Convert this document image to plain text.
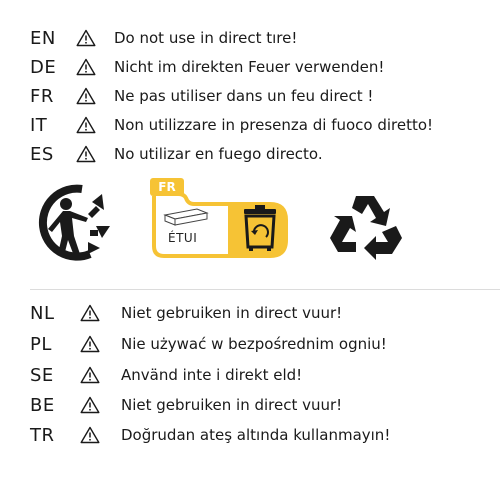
EN	Do not use in direct tıre!
DE	Nicht im direkten Feuer verwenden!
FR	Ne pas utiliser dans un feu direct !
IT	Non utilizzare in presenza di fuoco diretto!
ES	No utilizar en fuego directo.
FR
ÉTUI
NL	Niet gebruiken in direct vuur!
PL	Nie używać w bezpośrednim ogniu!
SE	Använd inte i direkt eld!
BE	Niet gebruiken in direct vuur!
TR	Doğrudan ateş altında kullanmayın!
